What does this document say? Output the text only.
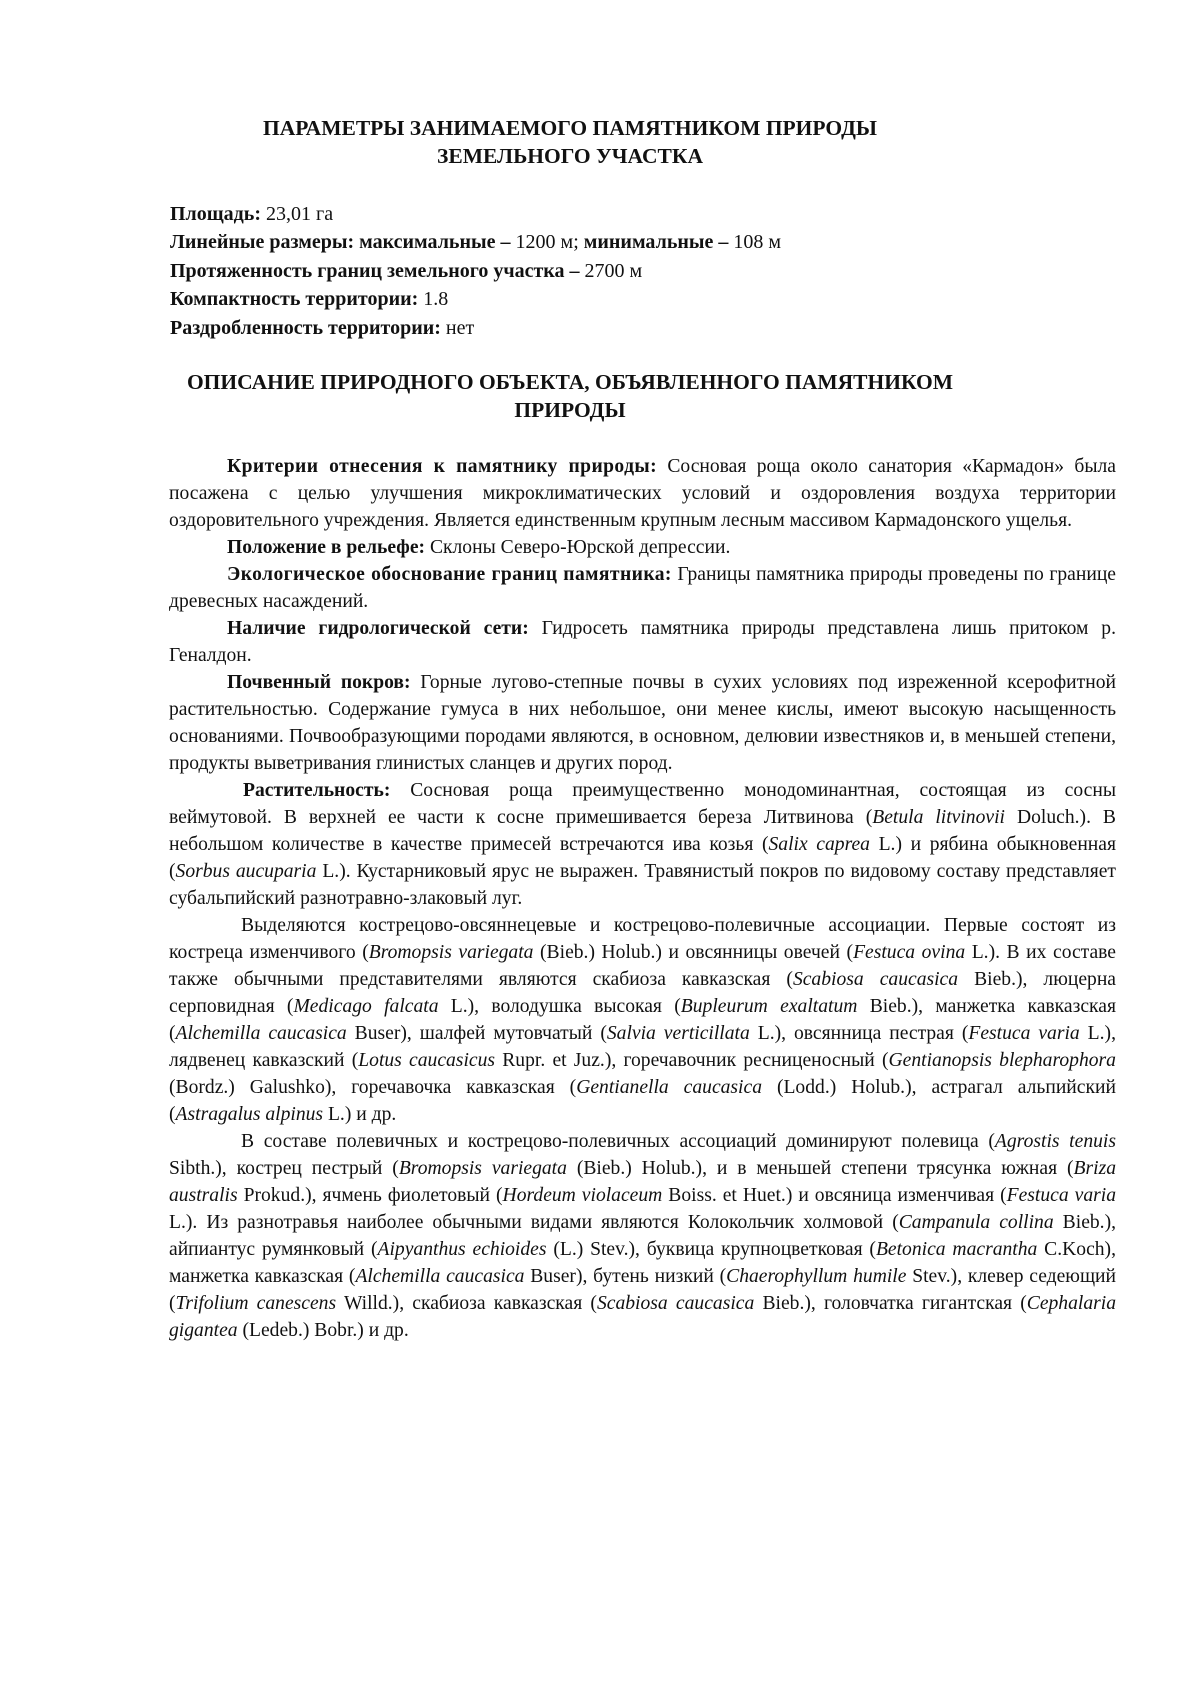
ПАРАМЕТРЫ ЗАНИМАЕМОГО ПАМЯТНИКОМ ПРИРОДЫ
ЗЕМЕЛЬНОГО УЧАСТКА

Площадь: 23,01 га

Линейные размеры: максимальные – 1200 м; минимальные – 108 м

Протяженность границ земельного участка – 2700 м

Компактность территории: 1.8

Раздробленность территории: нет

ОПИСАНИЕ ПРИРОДНОГО ОБЪЕКТА, ОБЪЯВЛЕННОГО ПАМЯТНИКОМ
ПРИРОДЫ

Критерии отнесения к памятнику природы: Сосновая роща около санатория «Кармадон» была посажена с целью улучшения микроклиматических условий и оздоровления воздуха территории оздоровительного учреждения. Является единственным крупным лесным массивом Кармадонского ущелья.

Положение в рельефе: Склоны Северо-Юрской депрессии.

Экологическое обоснование границ памятника: Границы памятника природы проведены по границе древесных насаждений.

Наличие гидрологической сети: Гидросеть памятника природы представлена лишь притоком р. Генaлдон.

Почвенный покров: Горные лугово-степные почвы в сухих условиях под изреженной ксерофитной растительностью. Содержание гумуса в них небольшое, они менее кислы, имеют высокую насыщенность основаниями. Почвообразующими породами являются, в основном, делювии известняков и, в меньшей степени, продукты выветривания глинистых сланцев и других пород.

Растительность: Сосновая роща преимущественно монодоминантная, состоящая из сосны веймутовой. В верхней ее части к сосне примешивается береза Литвинова (Betula litvinovii Doluch.). В небольшом количестве в качестве примесей встречаются ива козья (Salix caprea L.) и рябина обыкновенная (Sorbus aucuparia L.). Кустарниковый ярус не выражен. Травянистый покров по видовому составу представляет субальпийский разнотравно-злаковый луг.

Выделяются кострецово-овсяннецевые и кострецово-полевичные ассоциации. Первые состоят из костреца изменчивого (Bromopsis variegata (Bieb.) Holub.) и овсянницы овечей (Festuca ovina L.). В их составе также обычными представителями являются скабиоза кавказская (Scabiosa caucasica Bieb.), люцерна серповидная (Medicago falcata L.), володушка высокая (Bupleurum exaltatum Bieb.), манжетка кавказская (Alchemilla caucasica Buser), шалфей мутовчатый (Salvia verticillata L.), овсянница пестрая (Festuca varia L.), лядвенец кавказский (Lotus caucasicus Rupr. et Juz.), горечавочник ресниценосный (Gentianopsis blepharophora (Bordz.) Galushko), горечавочка кавказская (Gentianella caucasica (Lodd.) Holub.), астрагал альпийский (Astragalus alpinus L.) и др.

В составе полевичных и кострецово-полевичных ассоциаций доминируют полевица (Agrostis tenuis Sibth.), кострец пестрый (Bromopsis variegata (Bieb.) Holub.), и в меньшей степени трясунка южная (Briza australis Prokud.), ячмень фиолетовый (Hordeum violaceum Boiss. et Huet.) и овсяница изменчивая (Festuca varia L.). Из разнотравья наиболее обычными видами являются Колокольчик холмовой (Campanula collina Bieb.), айпиантус румянковый (Aipyanthus echioides (L.) Stev.), буквица крупноцветковая (Betonica macrantha C.Koch), манжетка кавказская (Alchemilla caucasica Buser), бутень низкий (Chaerophyllum humile Stev.), клевер седеющий (Trifolium canescens Willd.), скабиоза кавказская (Scabiosa caucasica Bieb.), головчатка гигантская (Cephalaria gigantea (Ledeb.) Bobr.) и др.
